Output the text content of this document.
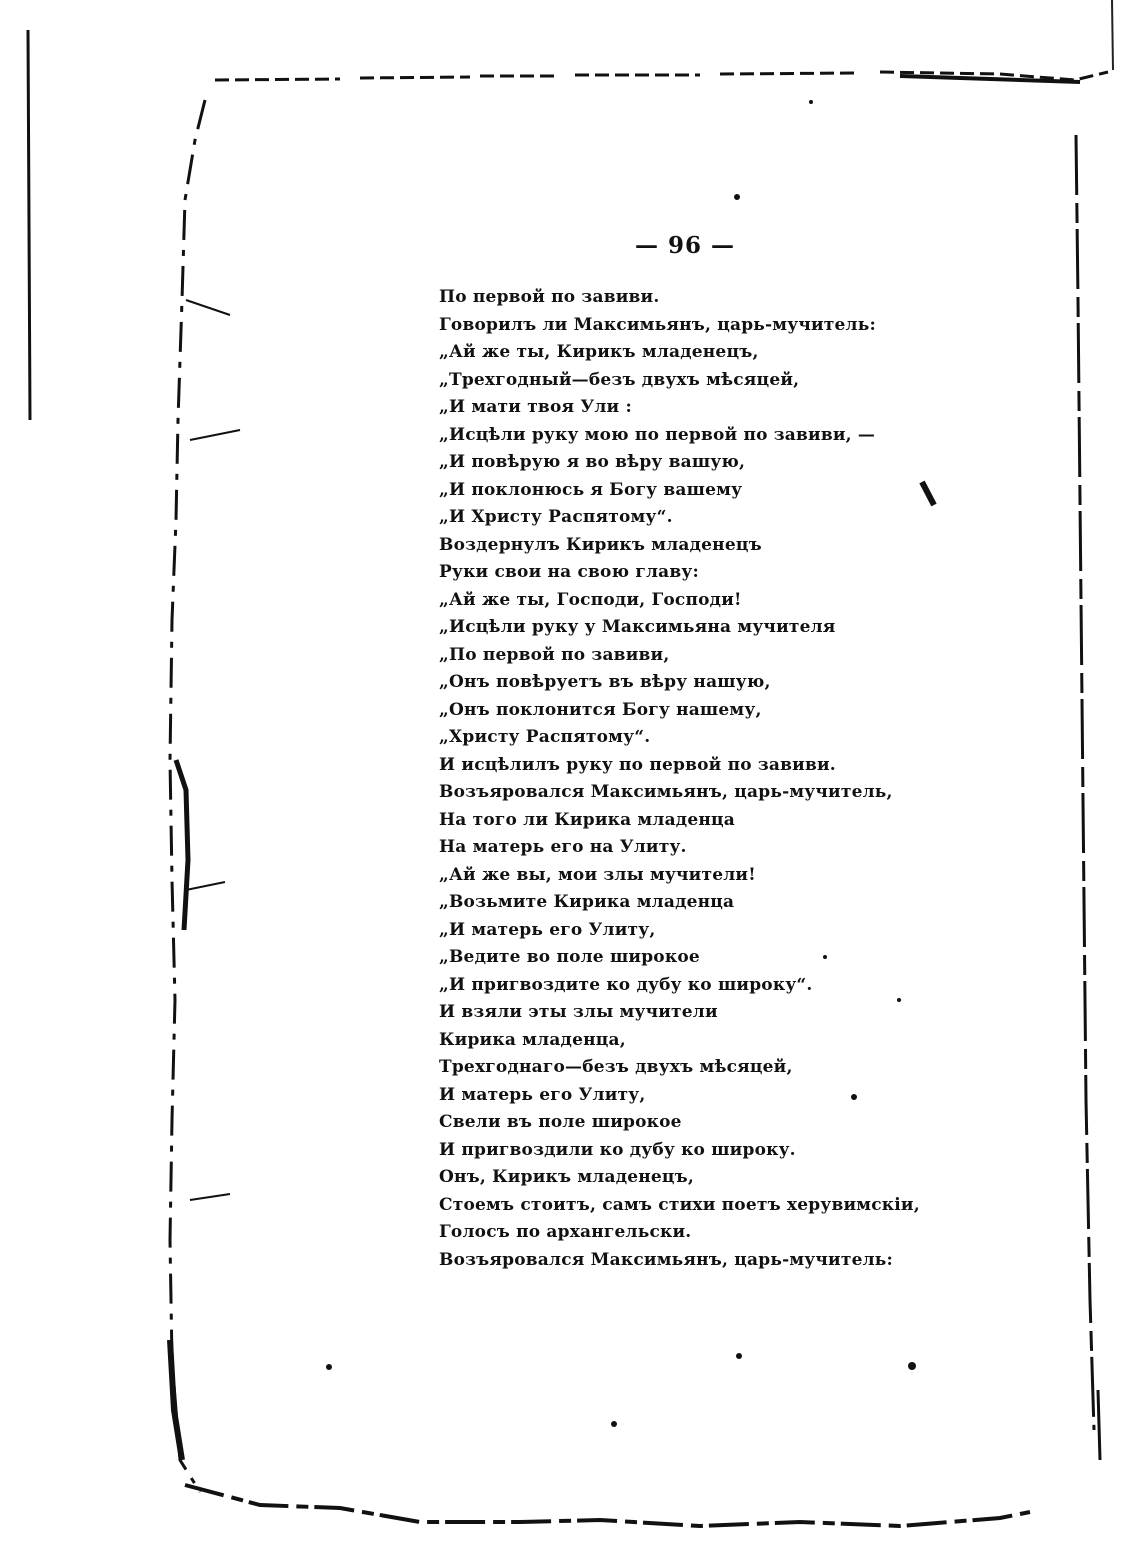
— 96 —
По первой по завиви.
Говорилъ ли Максимьянъ, царь-мучитель:
„Ай же ты, Кирикъ младенецъ,
„Трехгодный—безъ двухъ мѣсяцей,
„И мати твоя Ули :
„Исцѣли руку мою по первой по завиви, —
„И повѣрую я во вѣру вашую,
„И поклонюсь я Богу вашему
„И Христу Распятому“.
Воздернулъ Кирикъ младенецъ
Руки свои на свою главу:
„Ай же ты, Господи, Господи!
„Исцѣли руку у Максимьяна мучителя
„По первой по завиви,
„Онъ повѣруетъ въ вѣру нашую,
„Онъ поклонится Богу нашему,
„Христу Распятому“.
И исцѣлилъ руку по первой по завиви.
Возъяровался Максимьянъ, царь-мучитель,
На того ли Кирика младенца
На матерь его на Улиту.
„Ай же вы, мои злы мучители!
„Возьмите Кирика младенца
„И матерь его Улиту,
„Ведите во поле широкое
„И пригвоздите ко дубу ко широку“.
И взяли эты злы мучители
Кирика младенца,
Трехгоднаго—безъ двухъ мѣсяцей,
И матерь его Улиту,
Свели въ поле широкое
И пригвоздили ко дубу ко широку.
Онъ, Кирикъ младенецъ,
Стоемъ стоитъ, самъ стихи поетъ херувимскіи,
Голосъ по архангельски.
Возъяровался Максимьянъ, царь-мучитель:
